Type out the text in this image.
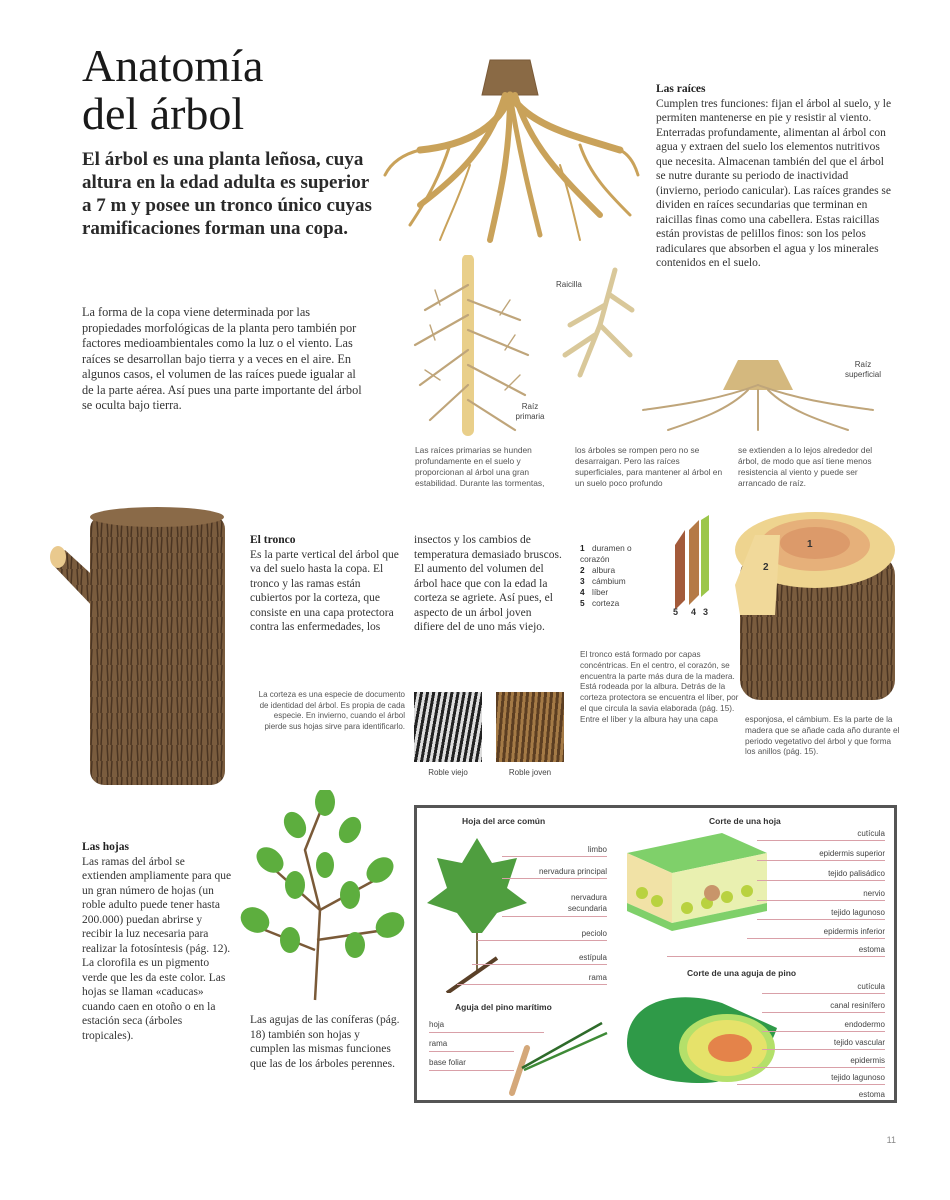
Anatomía
del árbol

El árbol es una planta leñosa, cuya altura en la edad adulta es superior a 7 m y posee un tronco único cuyas ramificaciones forman una copa.

La forma de la copa viene determinada por las propiedades morfológicas de la planta pero también por factores medioambientales como la luz o el viento. Las raíces se desarrollan bajo tierra y a veces en el aire. En algunos casos, el volumen de las raíces puede igualar al de la parte aérea. Así pues una parte importante del árbol se oculta bajo tierra.

Las raíces
Cumplen tres funciones: fijan el árbol al suelo, y le permiten mantenerse en pie y resistir al viento. Enterradas profundamente, alimentan al árbol con agua y extraen del suelo los elementos nutritivos que necesita. Almacenan también del que el árbol se nutre durante su periodo de inactividad (invierno, periodo canicular). Las raíces grandes se dividen en raíces secundarias que terminan en raicillas finas como una cabellera. Estas raicillas están provistas de pelillos finos: son los pelos radiculares que absorben el agua y los minerales contenidos en el suelo.
Raíz primaria
Raicilla
Raíz superficial

Las raíces primarias se hunden profundamente en el suelo y proporcionan al árbol una gran estabilidad. Durante las tormentas,

los árboles se rompen pero no se desarraigan. Pero las raíces superficiales, para mantener al árbol en un suelo poco profundo

se extienden a lo lejos alrededor del árbol, de modo que así tiene menos resistencia al viento y puede ser arrancado de raíz.

El tronco
Es la parte vertical del árbol que va del suelo hasta la copa. El tronco y las ramas están cubiertos por la corteza, que consiste en una capa protectora contra las enfermedades, los

insectos y los cambios de temperatura demasiado bruscos. El aumento del volumen del árbol hace que con la edad la corteza se agriete. Así pues, el aspecto de un árbol joven difiere del de uno más viejo.

La corteza es una especie de documento de identidad del árbol. Es propia de cada especie. En invierno, cuando el árbol pierde sus hojas sirve para identificarlo.

Roble viejo	Roble joven
1 duramen o corazón
2 albura
3 cámbium
4 líber
5 corteza
1
2
5 4 3

El tronco está formado por capas concéntricas. En el centro, el corazón, se encuentra la parte más dura de la madera. Está rodeada por la albura. Detrás de la corteza protectora se encuentra el líber, por el que circula la savia elaborada (pág. 15). Entre el líber y la albura hay una capa	esponjosa, el cámbium. Es la parte de la madera que se añade cada año durante el periodo vegetativo del árbol y que forma los anillos (pág. 15).

Las hojas
Las ramas del árbol se extienden ampliamente para que un gran número de hojas (un roble adulto puede tener hasta 200.000) puedan abrirse y recibir la luz necesaria para realizar la fotosíntesis (pág. 12). La clorofila es un pigmento verde que les da este color. Las hojas se llaman «caducas» cuando caen en otoño o en la estación seca (árboles tropicales).

Las agujas de las coníferas (pág. 18) también son hojas y cumplen las mismas funciones que las de los árboles perennes.

Hoja del arce común
limbo
nervadura principal
nervadura secundaria
peciolo
estípula
rama
Corte de una hoja
cutícula
epidermis superior
tejido palisádico
nervio
tejido lagunoso
epidermis inferior
estoma
Aguja del pino marítimo
hoja
rama
base foliar
Corte de una aguja de pino
cutícula
canal resinífero
endodermo
tejido vascular
epidermis
tejido lagunoso
estoma
11
